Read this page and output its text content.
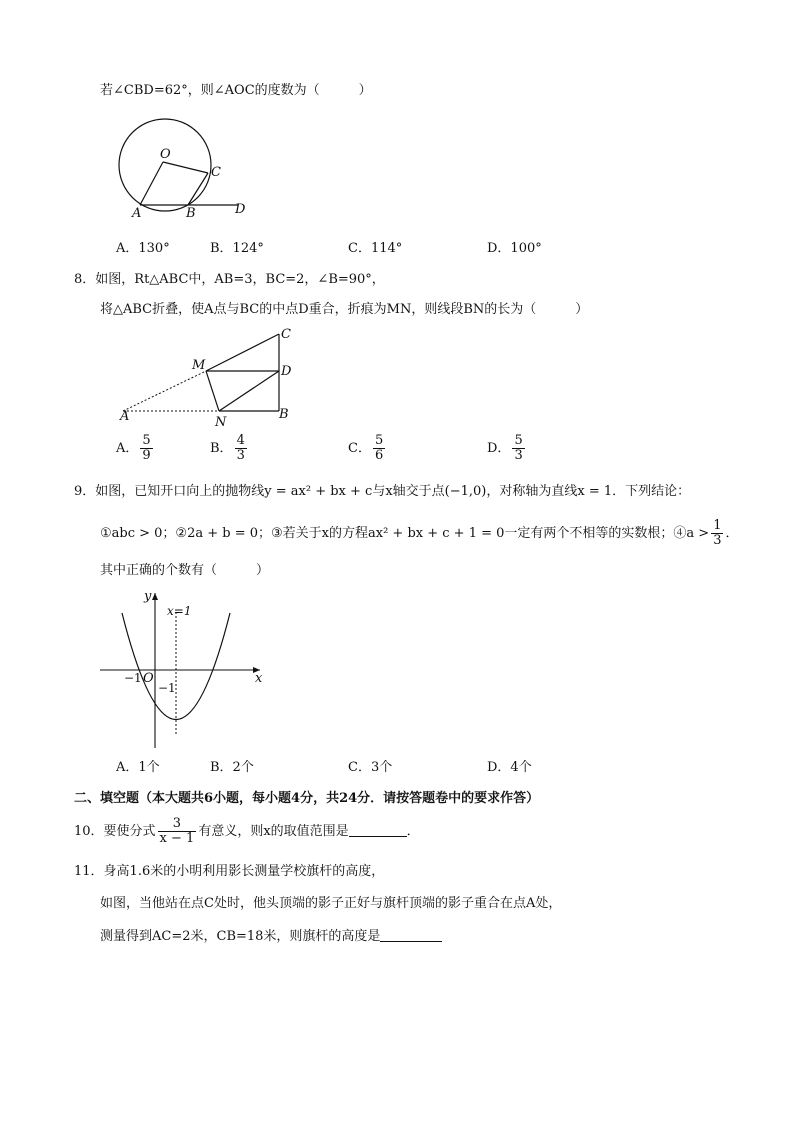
若∠CBD=62°，则∠AOC的度数为（　　　）
O
C
A	B	D
A．130°	B．124°	C．114°	D．100°
8．如图，Rt△ABC中，AB=3，BC=2，∠B=90°，
将△ABC折叠，使A点与BC的中点D重合，折痕为MN，则线段BN的长为（　　　）
C
M	D
A	N
B
A． $\frac{5}{9}$	B． $\frac{4}{3}$	C． $\frac{5}{6}$	D． $\frac{5}{3}$
9．如图，已知开口向上的抛物线y = ax² + bx + c与x轴交于点(−1,0)，对称轴为直线x = 1．下列结论：
①abc > 0；②2a + b = 0；③若关于x的方程ax² + bx + c + 1 = 0一定有两个不相等的实数根；④a > $\frac{1}{3}$ ．
其中正确的个数有（　　　）
y
x
x=1
O
−1
−1
A．1个	B．2个	C．3个	D．4个
二、填空题（本大题共6小题，每小题4分，共24分．请按答题卷中的要求作答）
10．要使分式 $\frac{3}{x - 1}$ 有意义，则x的取值范围是	．
11．身高1.6米的小明利用影长测量学校旗杆的高度，
如图，当他站在点C处时，他头顶端的影子正好与旗杆顶端的影子重合在点A处，
测量得到AC=2米，CB=18米，则旗杆的高度是
